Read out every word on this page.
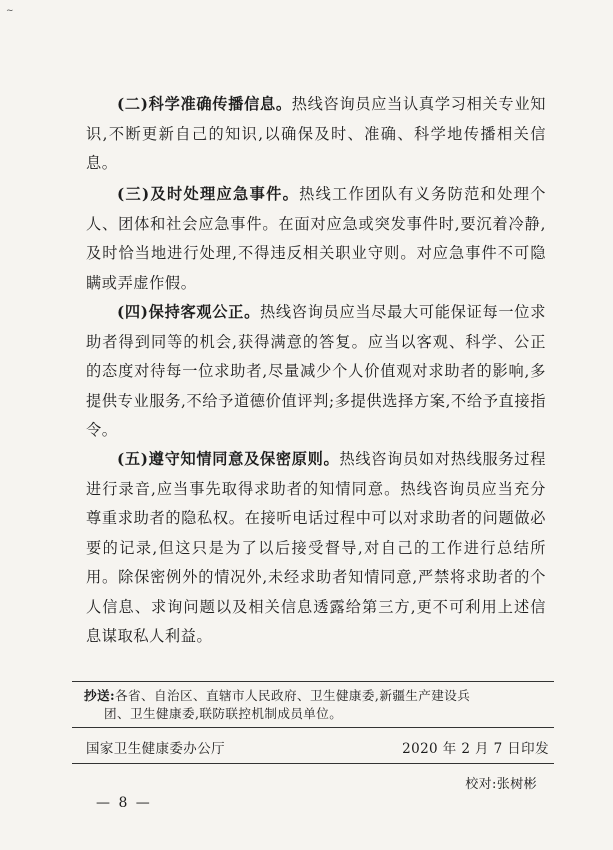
~

(二)科学准确传播信息。热线咨询员应当认真学习相关专业知识,不断更新自己的知识,以确保及时、准确、科学地传播相关信息。

(三)及时处理应急事件。热线工作团队有义务防范和处理个人、团体和社会应急事件。在面对应急或突发事件时,要沉着冷静,及时恰当地进行处理,不得违反相关职业守则。对应急事件不可隐瞒或弄虚作假。

(四)保持客观公正。热线咨询员应当尽最大可能保证每一位求助者得到同等的机会,获得满意的答复。应当以客观、科学、公正的态度对待每一位求助者,尽量减少个人价值观对求助者的影响,多提供专业服务,不给予道德价值评判;多提供选择方案,不给予直接指令。

(五)遵守知情同意及保密原则。热线咨询员如对热线服务过程进行录音,应当事先取得求助者的知情同意。热线咨询员应当充分尊重求助者的隐私权。在接听电话过程中可以对求助者的问题做必要的记录,但这只是为了以后接受督导,对自己的工作进行总结所用。除保密例外的情况外,未经求助者知情同意,严禁将求助者的个人信息、求询问题以及相关信息透露给第三方,更不可利用上述信息谋取私人利益。

抄送:各省、自治区、直辖市人民政府、卫生健康委,新疆生产建设兵
团、卫生健康委,联防联控机制成员单位。

国家卫生健康委办公厅	2020 年 2 月 7 日印发
校对:张树彬
— 8 —
